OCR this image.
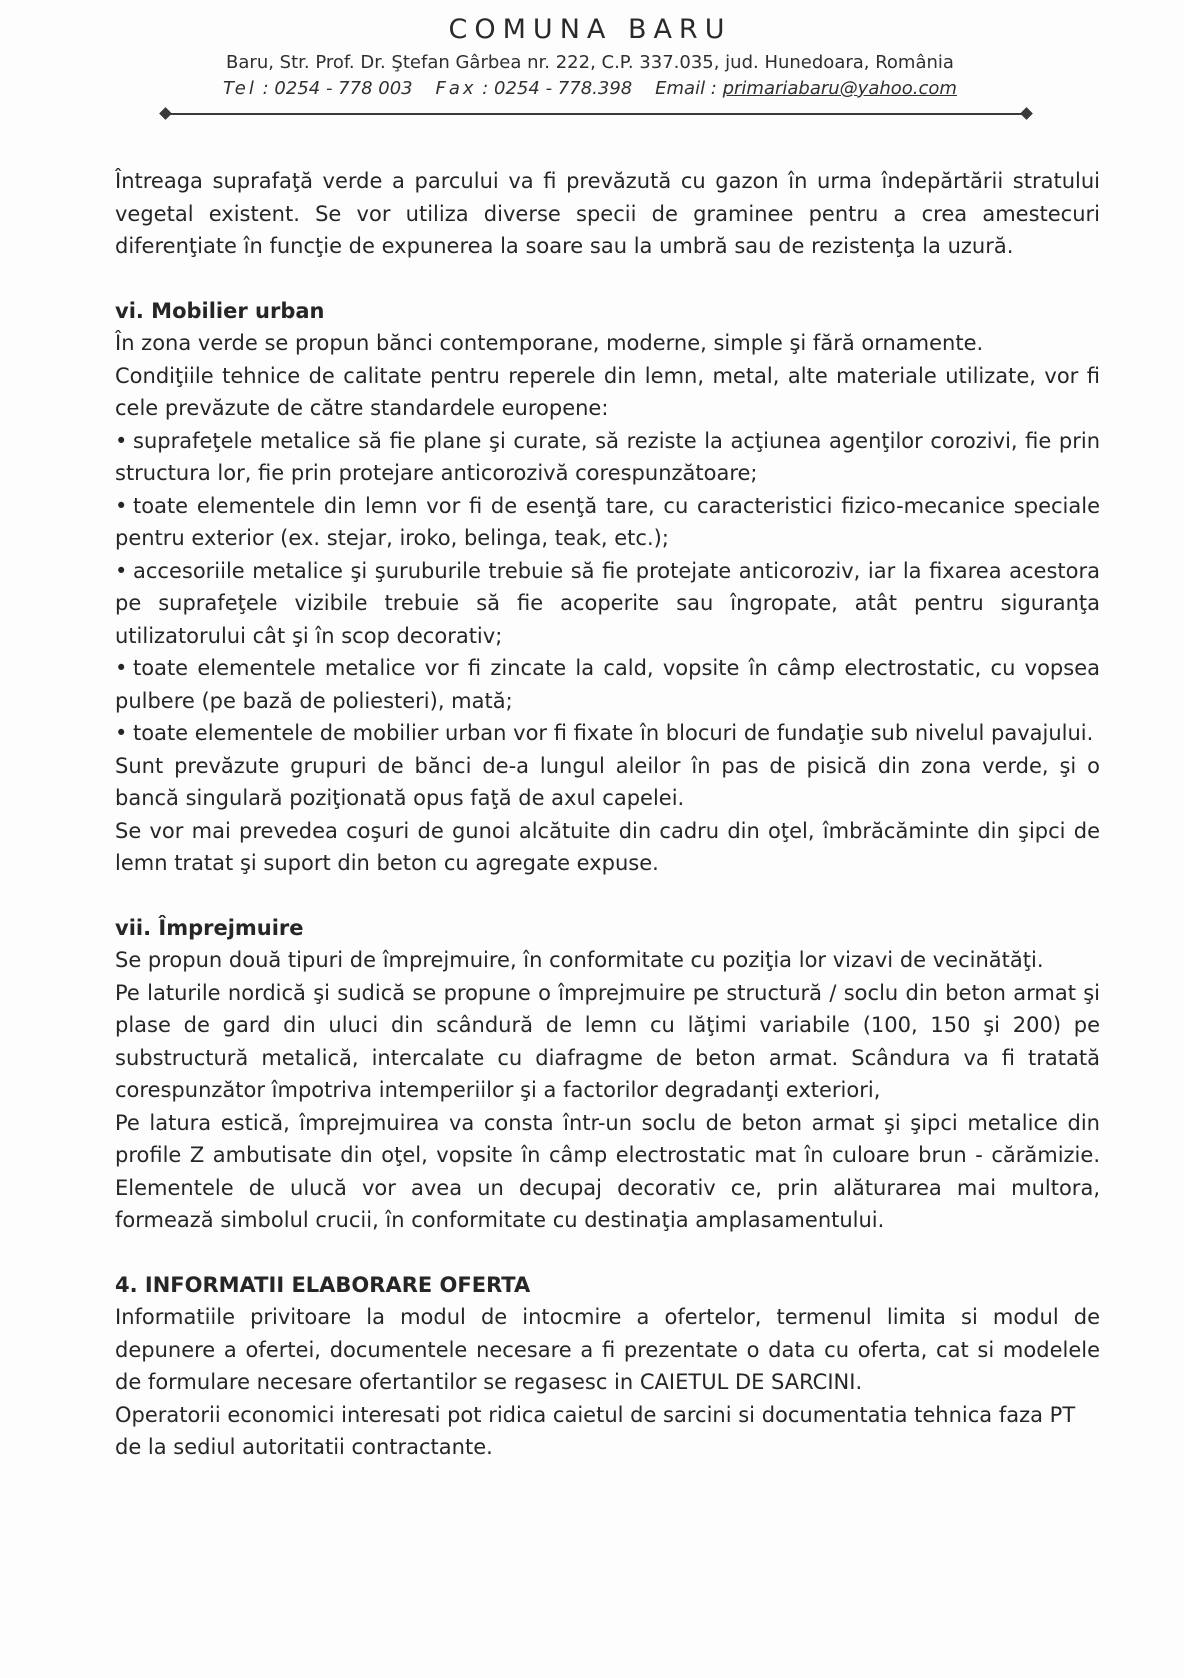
COMUNA BARU
Baru, Str. Prof. Dr. Ştefan Gârbea nr. 222, C.P. 337.035, jud. Hunedoara, România
Tel : 0254 - 778 003 Fax : 0254 - 778.398 Email : primariabaru@yahoo.com

Întreaga suprafaţă verde a parcului va fi prevăzută cu gazon în urma îndepărtării stratului vegetal existent. Se vor utiliza diverse specii de graminee pentru a crea amestecuri diferenţiate în funcţie de expunerea la soare sau la umbră sau de rezistenţa la uzură.

vi. Mobilier urban

În zona verde se propun bănci contemporane, moderne, simple şi fără ornamente.

Condiţiile tehnice de calitate pentru reperele din lemn, metal, alte materiale utilizate, vor fi cele prevăzute de către standardele europene:

• suprafeţele metalice să fie plane şi curate, să reziste la acţiunea agenţilor corozivi, fie prin structura lor, fie prin protejare anticorozivă corespunzătoare;

• toate elementele din lemn vor fi de esenţă tare, cu caracteristici fizico-mecanice speciale pentru exterior (ex. stejar, iroko, belinga, teak, etc.);

• accesoriile metalice şi şuruburile trebuie să fie protejate anticoroziv, iar la fixarea acestora pe suprafeţele vizibile trebuie să fie acoperite sau îngropate, atât pentru siguranţa utilizatorului cât şi în scop decorativ;

• toate elementele metalice vor fi zincate la cald, vopsite în câmp electrostatic, cu vopsea pulbere (pe bază de poliesteri), mată;

• toate elementele de mobilier urban vor fi fixate în blocuri de fundaţie sub nivelul pavajului.

Sunt prevăzute grupuri de bănci de-a lungul aleilor în pas de pisică din zona verde, şi o bancă singulară poziţionată opus faţă de axul capelei.

Se vor mai prevedea coşuri de gunoi alcătuite din cadru din oţel, îmbrăcăminte din şipci de lemn tratat şi suport din beton cu agregate expuse.

vii. Împrejmuire

Se propun două tipuri de împrejmuire, în conformitate cu poziţia lor vizavi de vecinătăţi.

Pe laturile nordică şi sudică se propune o împrejmuire pe structură / soclu din beton armat şi plase de gard din uluci din scândură de lemn cu lăţimi variabile (100, 150 şi 200) pe substructură metalică, intercalate cu diafragme de beton armat. Scândura va fi tratată corespunzător împotriva intemperiilor şi a factorilor degradanţi exteriori,

Pe latura estică, împrejmuirea va consta într-un soclu de beton armat şi şipci metalice din profile Z ambutisate din oţel, vopsite în câmp electrostatic mat în culoare brun - cărămizie. Elementele de ulucă vor avea un decupaj decorativ ce, prin alăturarea mai multora, formează simbolul crucii, în conformitate cu destinaţia amplasamentului.

4. INFORMATII ELABORARE OFERTA

Informatiile privitoare la modul de intocmire a ofertelor, termenul limita si modul de depunere a ofertei, documentele necesare a fi prezentate o data cu oferta, cat si modelele de formulare necesare ofertantilor se regasesc in CAIETUL DE SARCINI.

Operatorii economici interesati pot ridica caietul de sarcini si documentatia tehnica faza PT de la sediul autoritatii contractante.
